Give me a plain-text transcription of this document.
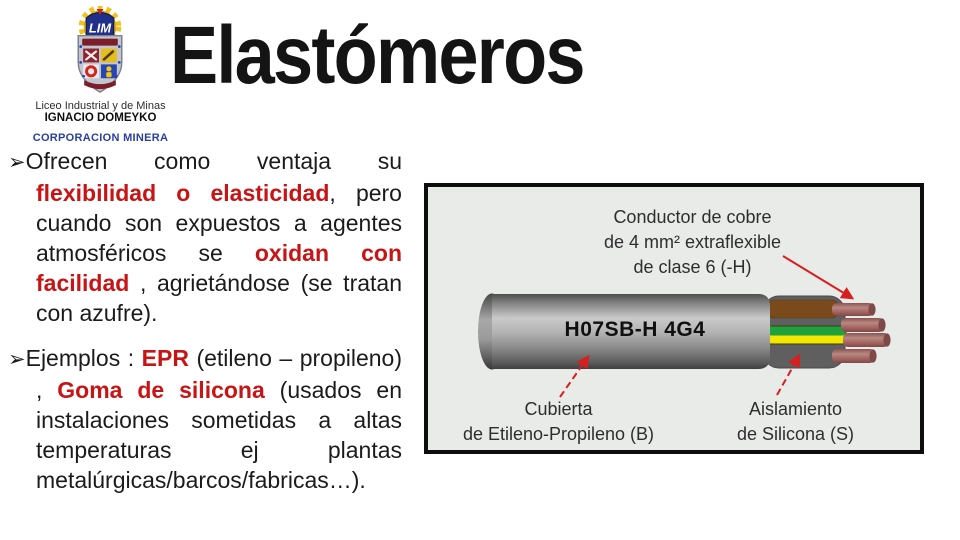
LIM
Liceo Industrial y de Minas
IGNACIO DOMEYKO
CORPORACION MINERA
Elastómeros

➢Ofrecen como ventaja su flexibilidad o elasticidad, pero cuando son expuestos a agentes atmosféricos se oxidan con facilidad , agrietándose (se tratan con azufre).

➢Ejemplos : EPR (etileno – propileno) , Goma de silicona (usados en instalaciones sometidas a altas temperaturas ej plantas metalúrgicas/barcos/fabricas…).

Conductor de cobre
de 4 mm² extraflexible
de clase 6 (-H)
H07SB-H 4G4
Cubierta
de Etileno-Propileno (B)
Aislamiento
de Silicona (S)
